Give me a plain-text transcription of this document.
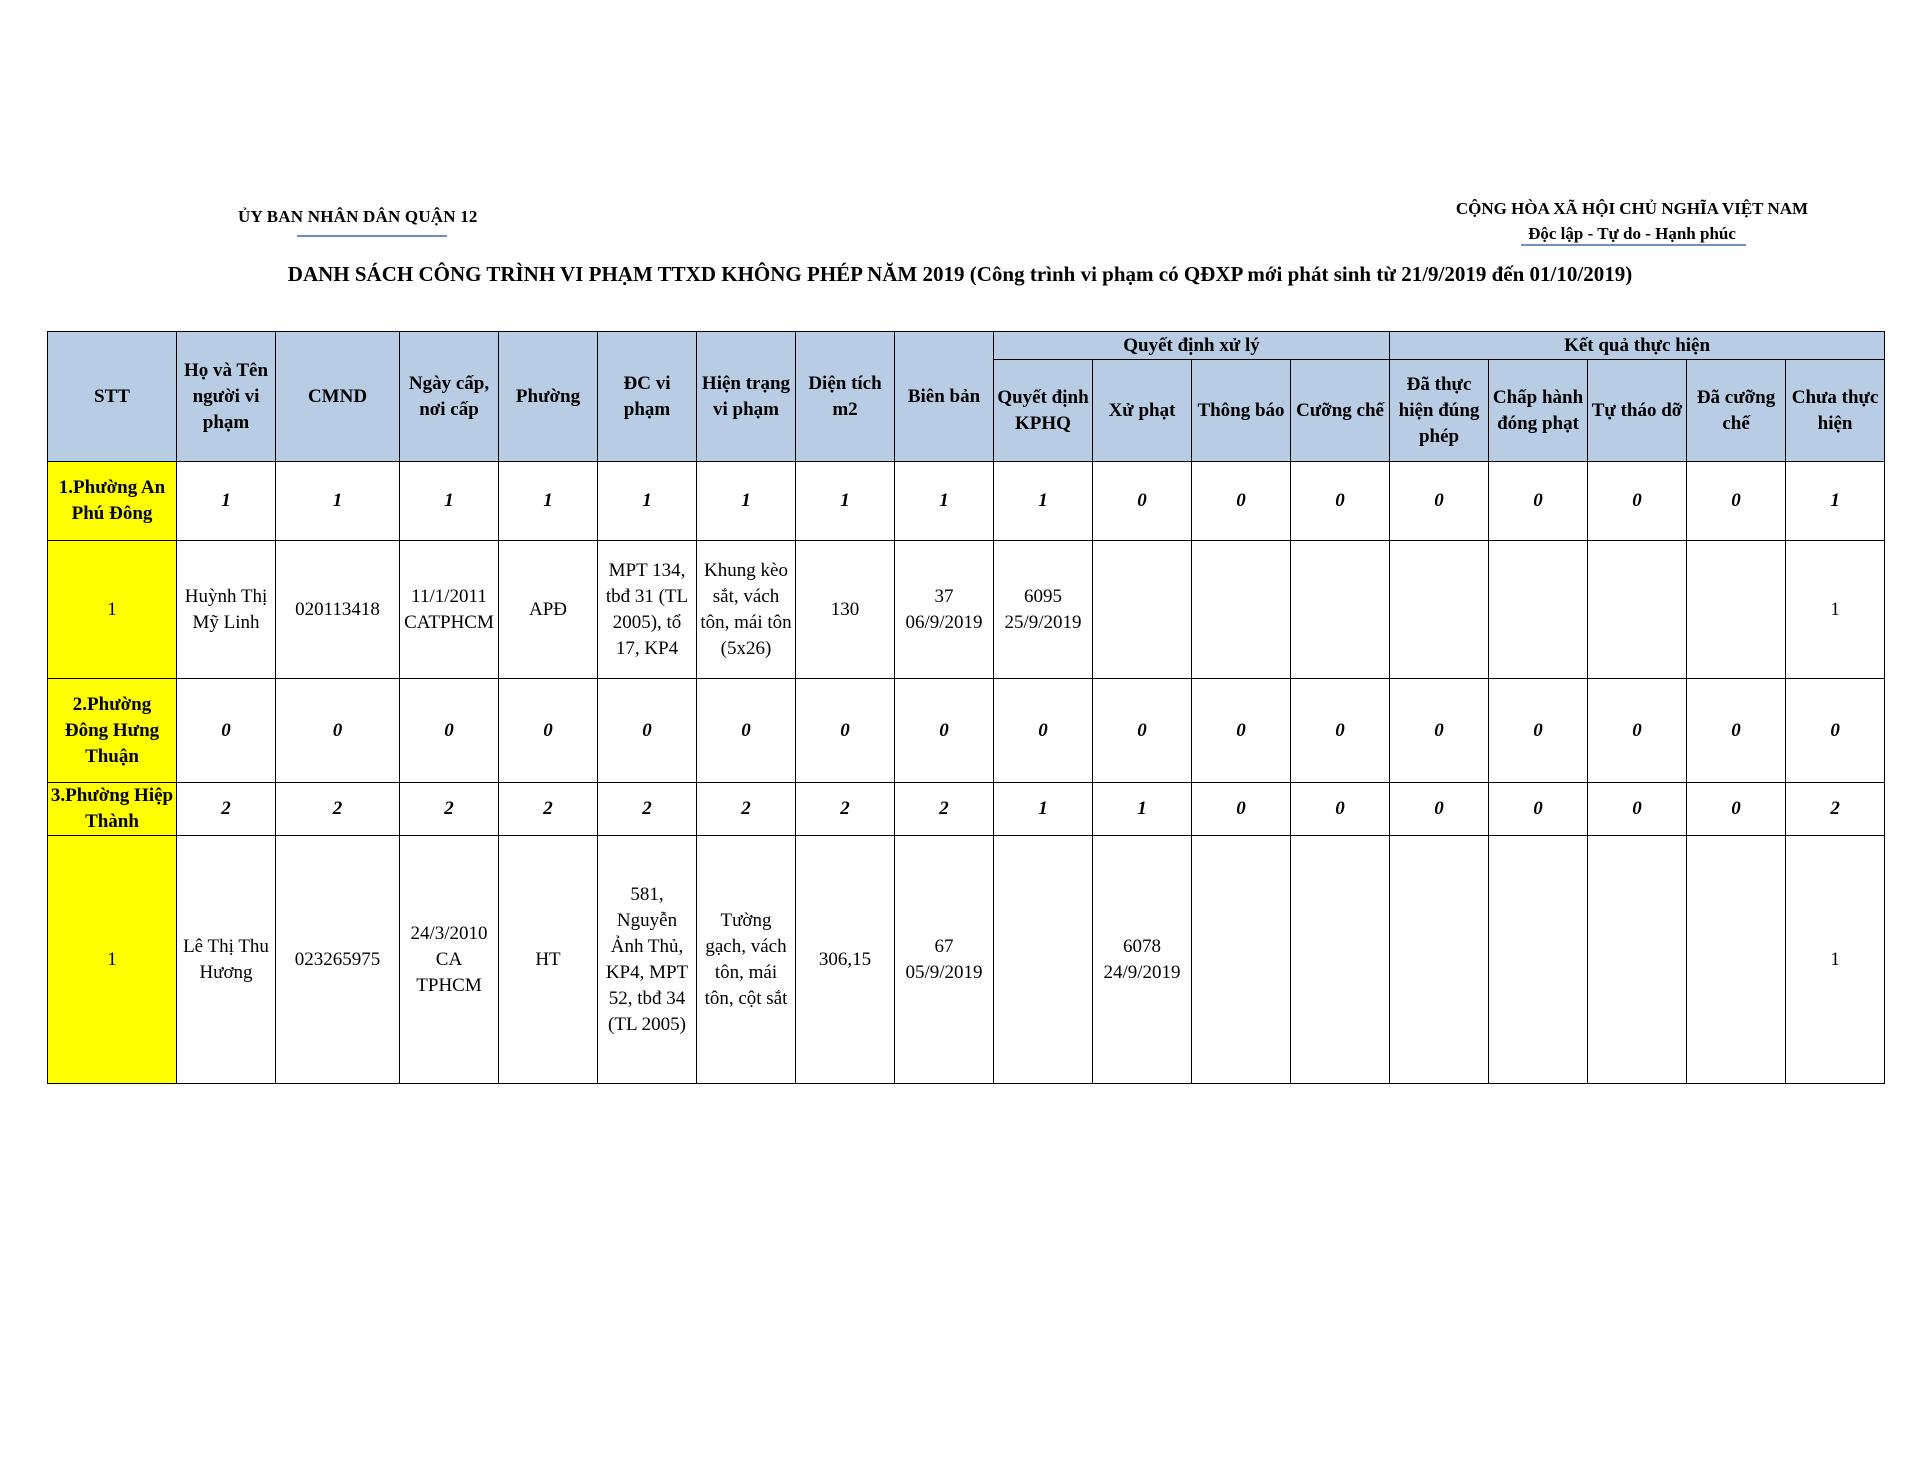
ỦY BAN NHÂN DÂN QUẬN 12	CỘNG HÒA XÃ HỘI CHỦ NGHĨA VIỆT NAM
Độc lập - Tự do - Hạnh phúc
DANH SÁCH CÔNG TRÌNH VI PHẠM TTXD KHÔNG PHÉP NĂM 2019 (Công trình vi phạm có QĐXP mới phát sinh từ 21/9/2019 đến 01/10/2019)
STT	Họ và Tên người vi phạm	CMND	Ngày cấp, nơi cấp	Phường	ĐC vi phạm	Hiện trạng vi phạm	Diện tích m2	Biên bản	Quyết định xử lý				Kết quả thực hiện				
									Quyết định KPHQ	Xử phạt	Thông báo	Cưỡng chế	Đã thực hiện đúng phép	Chấp hành đóng phạt	Tự tháo dỡ	Đã cưỡng chế	Chưa thực hiện
1.Phường An Phú Đông	1	1	1	1	1	1	1	1	1	0	0	0	0	0	0	0	1
1	Huỳnh Thị Mỹ Linh	020113418	11/1/2011 CATPHCM	APĐ	MPT 134, tbđ 31 (TL 2005), tổ 17, KP4	Khung kèo sắt, vách tôn, mái tôn (5x26)	130	37 06/9/2019	6095 25/9/2019								1
2.Phường Đông Hưng Thuận	0	0	0	0	0	0	0	0	0	0	0	0	0	0	0	0	0
3.Phường Hiệp Thành	2	2	2	2	2	2	2	2	1	1	0	0	0	0	0	0	2
1	Lê Thị Thu Hương	023265975	24/3/2010 CA TPHCM	HT	581, Nguyễn Ảnh Thủ, KP4, MPT 52, tbđ 34 (TL 2005)	Tường gạch, vách tôn, mái tôn, cột sắt	306,15	67 05/9/2019		6078 24/9/2019							1
